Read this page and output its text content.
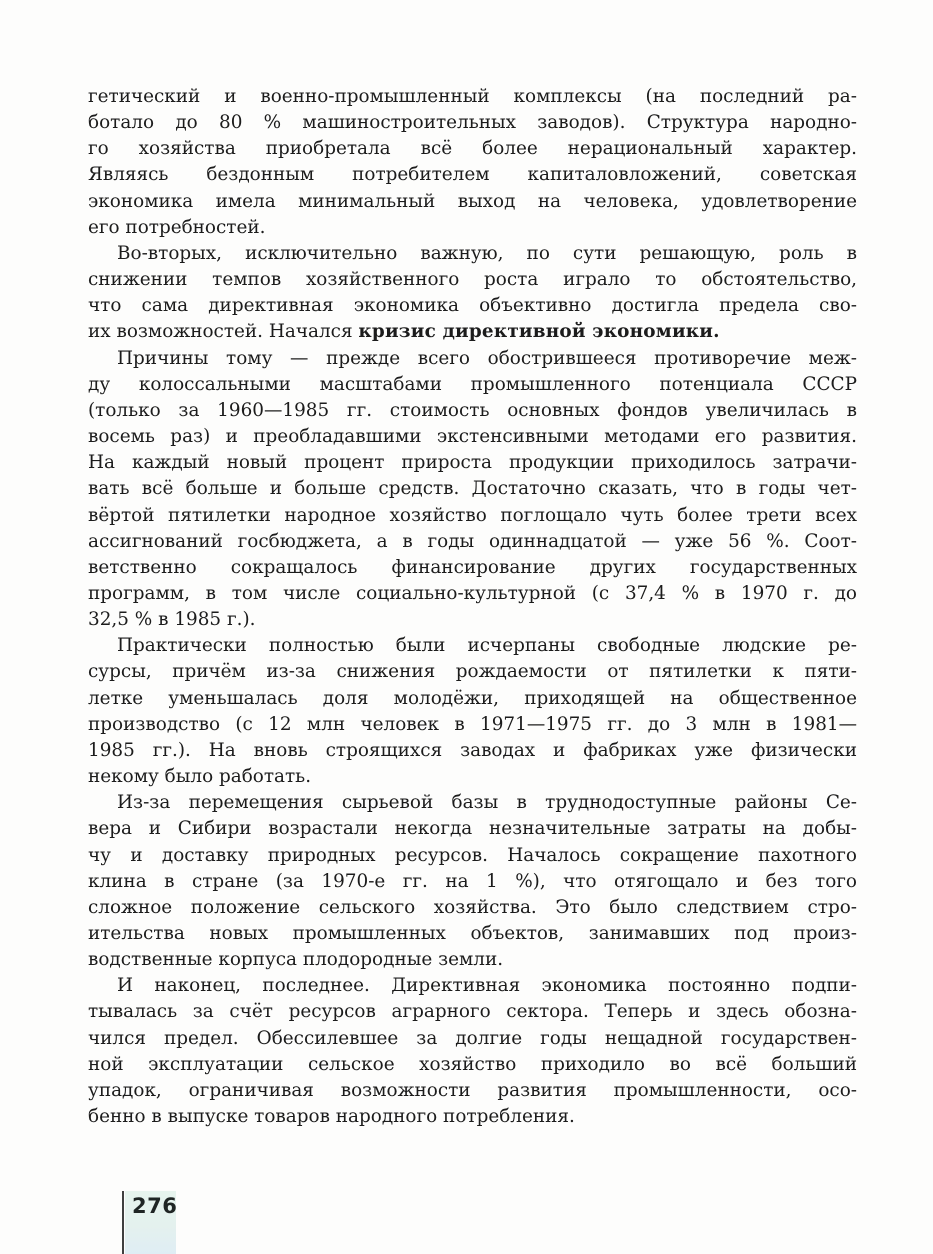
гетический и военно-промышленный комплексы (на последний ра-
ботало до 80 % машиностроительных заводов). Структура народно-
го хозяйства приобретала всё более нерациональный характер.
Являясь бездонным потребителем капиталовложений, советская
экономика имела минимальный выход на человека, удовлетворение
его потребностей.
Во-вторых, исключительно важную, по сути решающую, роль в
снижении темпов хозяйственного роста играло то обстоятельство,
что сама директивная экономика объективно достигла предела сво-
их возможностей. Начался кризис директивной экономики.
Причины тому — прежде всего обострившееся противоречие меж-
ду колоссальными масштабами промышленного потенциала СССР
(только за 1960—1985 гг. стоимость основных фондов увеличилась в
восемь раз) и преобладавшими экстенсивными методами его развития.
На каждый новый процент прироста продукции приходилось затрачи-
вать всё больше и больше средств. Достаточно сказать, что в годы чет-
вёртой пятилетки народное хозяйство поглощало чуть более трети всех
ассигнований госбюджета, а в годы одиннадцатой — уже 56 %. Соот-
ветственно сокращалось финансирование других государственных
программ, в том числе социально-культурной (с 37,4 % в 1970 г. до
32,5 % в 1985 г.).
Практически полностью были исчерпаны свободные людские ре-
сурсы, причём из-за снижения рождаемости от пятилетки к пяти-
летке уменьшалась доля молодёжи, приходящей на общественное
производство (с 12 млн человек в 1971—1975 гг. до 3 млн в 1981—
1985 гг.). На вновь строящихся заводах и фабриках уже физически
некому было работать.
Из-за перемещения сырьевой базы в труднодоступные районы Се-
вера и Сибири возрастали некогда незначительные затраты на добы-
чу и доставку природных ресурсов. Началось сокращение пахотного
клина в стране (за 1970-е гг. на 1 %), что отягощало и без того
сложное положение сельского хозяйства. Это было следствием стро-
ительства новых промышленных объектов, занимавших под произ-
водственные корпуса плодородные земли.
И наконец, последнее. Директивная экономика постоянно подпи-
тывалась за счёт ресурсов аграрного сектора. Теперь и здесь обозна-
чился предел. Обессилевшее за долгие годы нещадной государствен-
ной эксплуатации сельское хозяйство приходило во всё больший
упадок, ограничивая возможности развития промышленности, осо-
бенно в выпуске товаров народного потребления.
276
